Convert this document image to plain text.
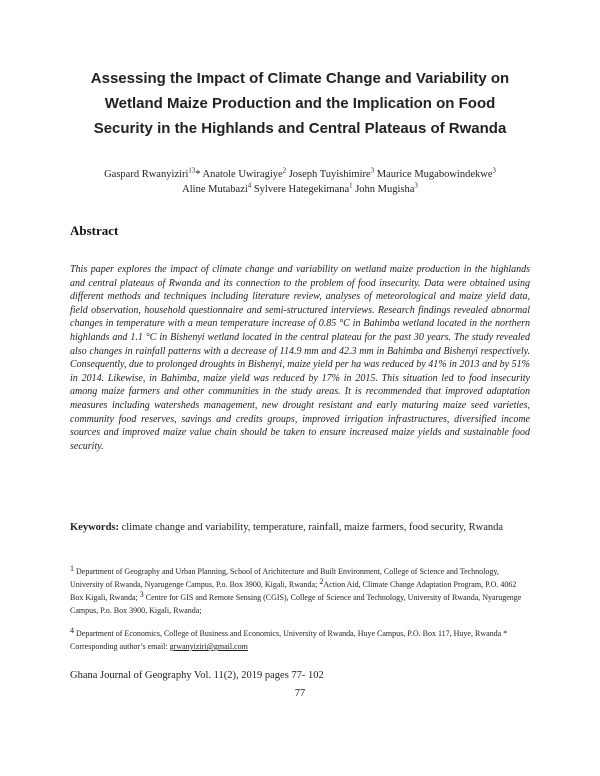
Assessing the Impact of Climate Change and Variability on
Wetland Maize Production and the Implication on Food
Security in the Highlands and Central Plateaus of Rwanda
Gaspard Rwanyiziri$^{13}$* Anatole Uwiragiye$^2$ Joseph Tuyishimire$^3$ Maurice Mugabowindekwe$^3$
Aline Mutabazi$^4$ Sylvere Hategekimana$^1$ John Mugisha$^3$
Abstract
This paper explores the impact of climate change and variability on wetland maize production in the highlands and central plateaus of Rwanda and its connection to the problem of food insecurity. Data were obtained using different methods and techniques including literature review, analyses of meteorological and maize yield data, field observation, household questionnaire and semi-structured interviews. Research findings revealed abnormal changes in temperature with a mean temperature increase of 0.85 °C in Bahimba wetland located in the northern highlands and 1.1 °C in Bishenyi wetland located in the central plateau for the past 30 years. The study revealed also changes in rainfall patterns with a decrease of 114.9 mm and 42.3 mm in Bahimba and Bishenyi respectively. Consequently, due to prolonged droughts in Bishenyi, maize yield per ha was reduced by 41% in 2013 and by 51% in 2014. Likewise, in Bahimba, maize yield was reduced by 17% in 2015. This situation led to food insecurity among maize farmers and other communities in the study areas. It is recommended that improved adaptation measures including watersheds management, new drought resistant and early maturing maize seed varieties, community food reserves, savings and credits groups, improved irrigation infrastructures, diversified income sources and improved maize value chain should be taken to ensure increased maize yields and sustainable food security.
Keywords: climate change and variability, temperature, rainfall, maize farmers, food security, Rwanda
$^1$ Department of Geography and Urban Planning, School of Arichitecture and Built Environment, College of Science and Technology, University of Rwanda, Nyarugenge Campus, P.o. Box 3900, Kigali, Rwanda; $^2$Action Aid, Climate Change Adaptation Program, P.O. 4062 Box Kigali, Rwanda; $^3$ Centre for GIS and Remote Sensing (CGIS), College of Science and Technology, University of Rwanda, Nyarugenge Campus, P.o. Box 3900, Kigali, Rwanda;
$^4$ Department of Economics, College of Business and Economics, University of Rwanda, Huye Campus, P.O. Box 117, Huye, Rwanda * Corresponding author’s email: grwanyiziri@gmail.com
Ghana Journal of Geography Vol. 11(2), 2019 pages 77- 102
77
